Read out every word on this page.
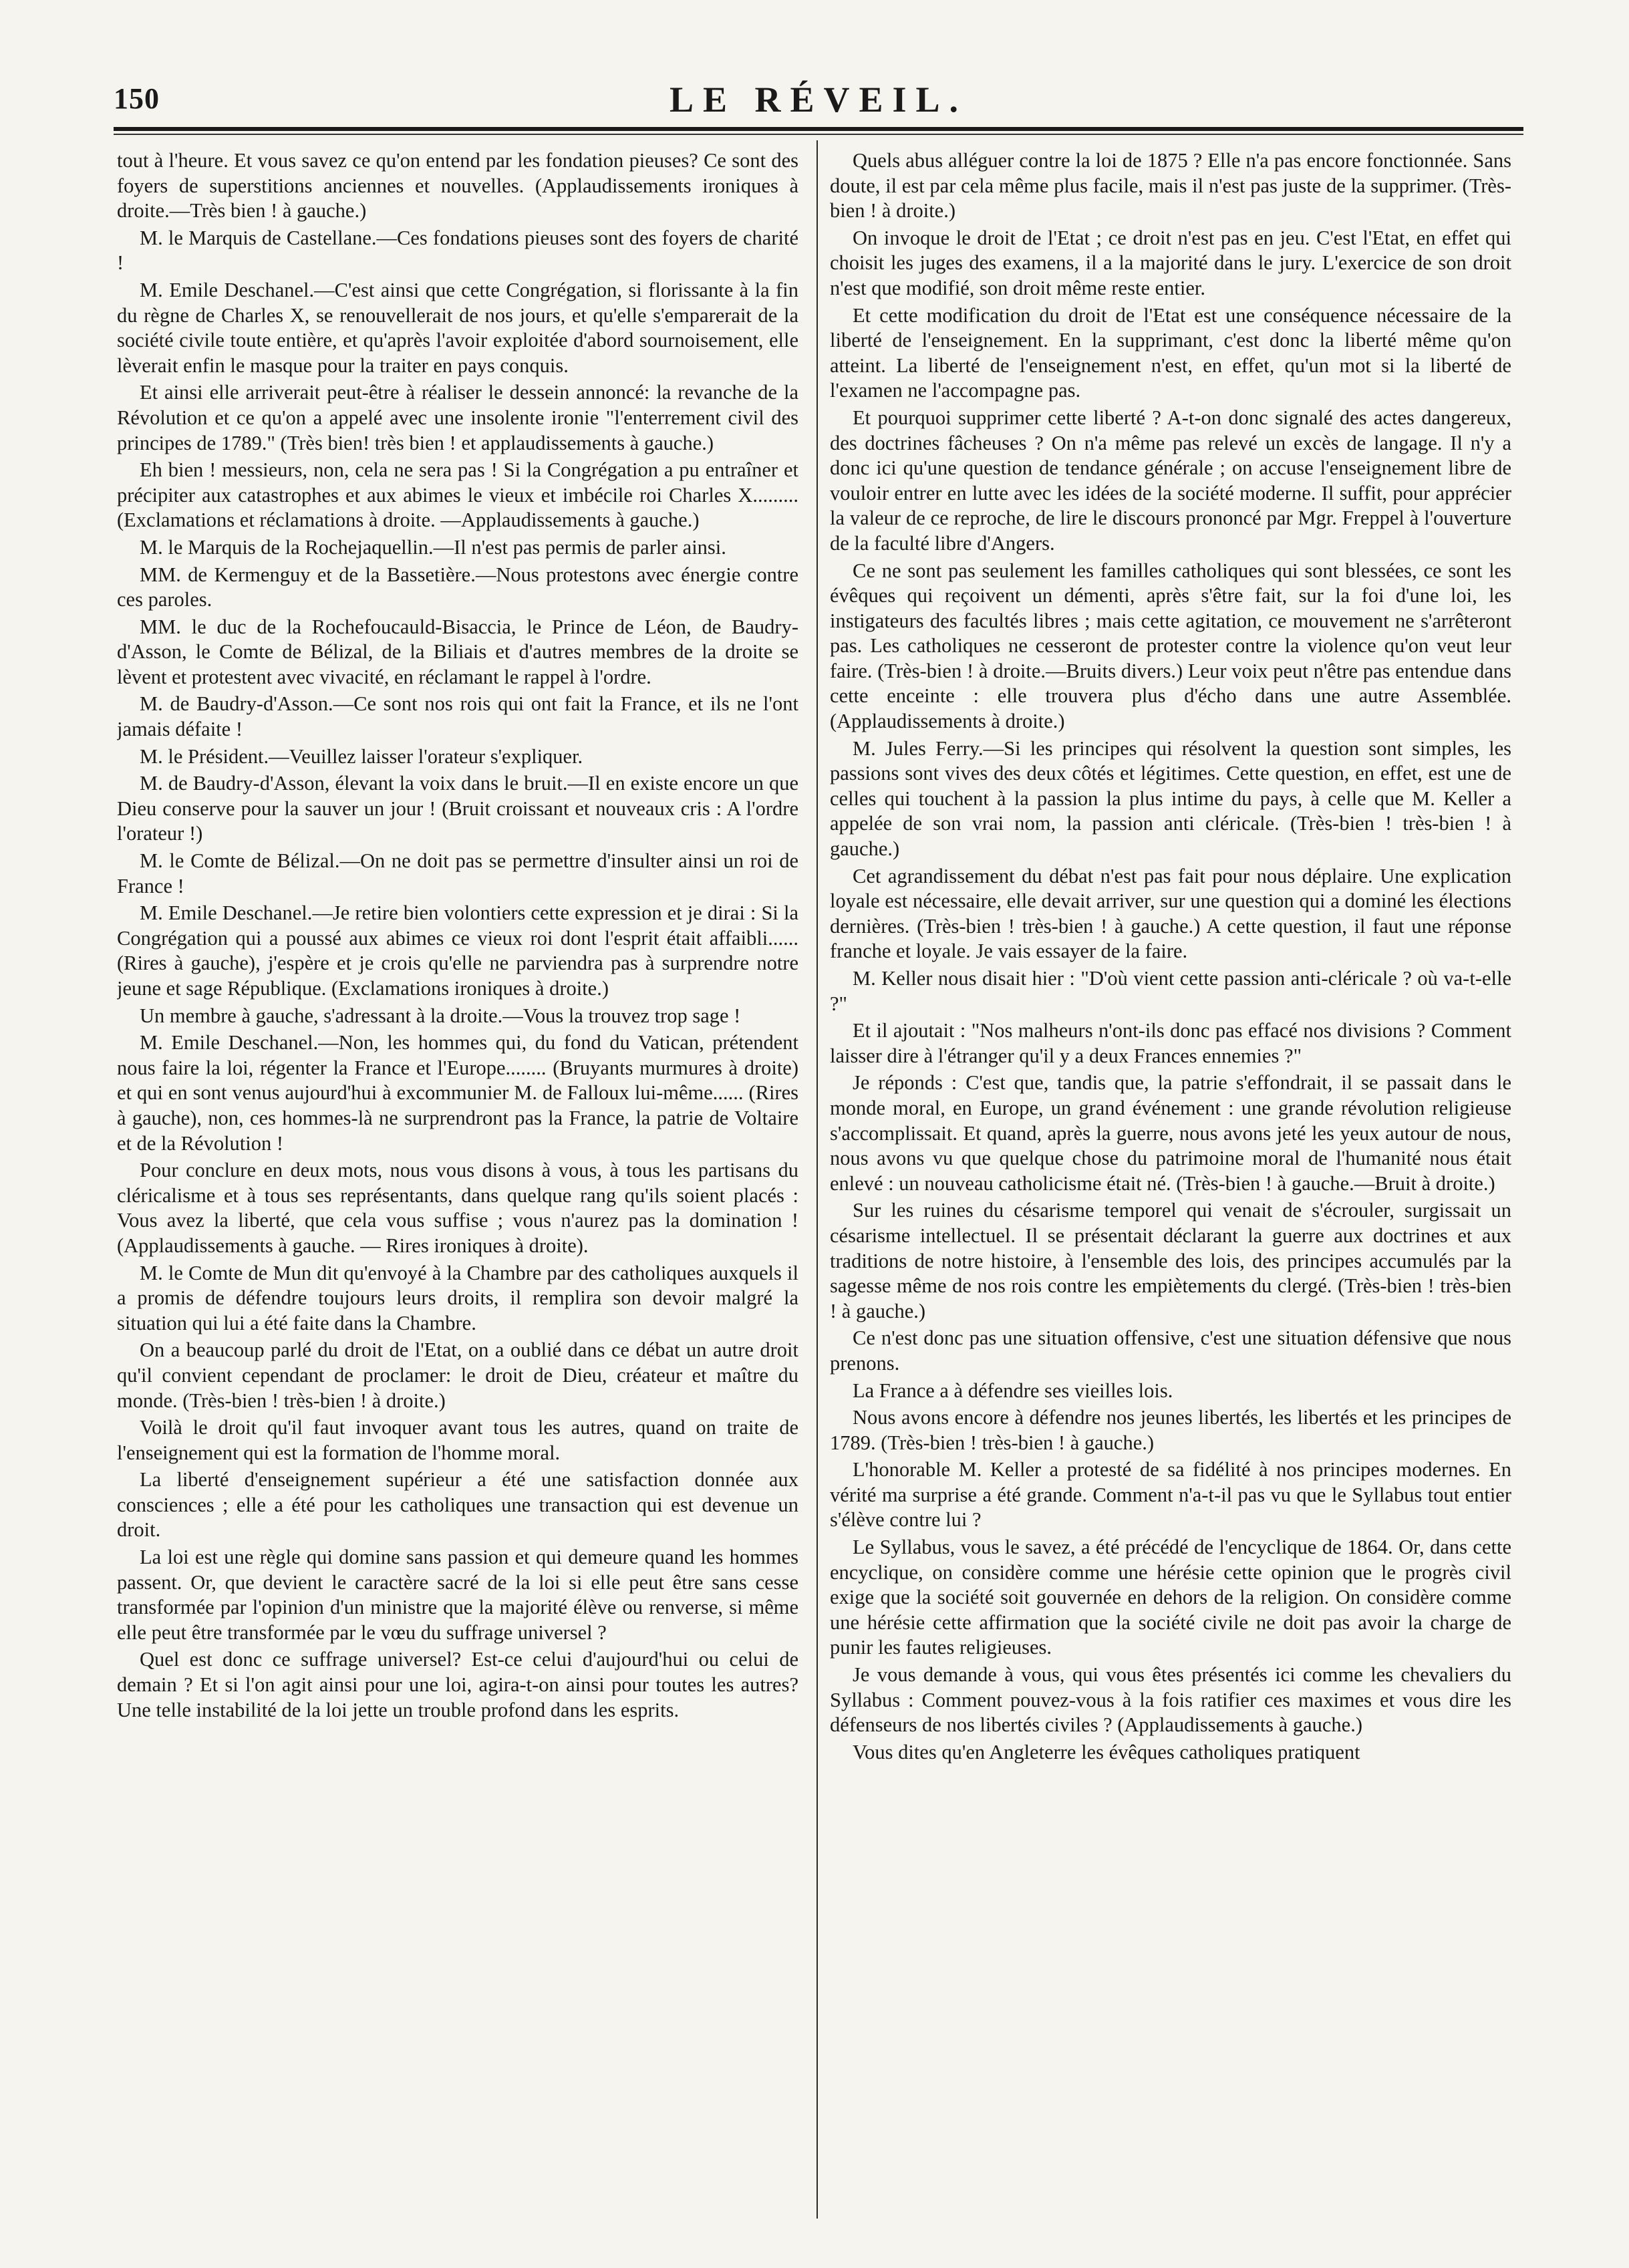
150	LE RÉVEIL.

tout à l'heure. Et vous savez ce qu'on entend par les fondation pieuses? Ce sont des foyers de superstitions anciennes et nouvelles. (Applaudissements ironiques à droite.—Très bien ! à gauche.)

M. le Marquis de Castellane.—Ces fondations pieuses sont des foyers de charité !

M. Emile Deschanel.—C'est ainsi que cette Congrégation, si florissante à la fin du règne de Charles X, se renouvellerait de nos jours, et qu'elle s'emparerait de la société civile toute entière, et qu'après l'avoir exploitée d'abord sournoisement, elle lèverait enfin le masque pour la traiter en pays conquis.

Et ainsi elle arriverait peut-être à réaliser le dessein annoncé: la revanche de la Révolution et ce qu'on a appelé avec une insolente ironie "l'enterrement civil des principes de 1789." (Très bien! très bien ! et applaudissements à gauche.)

Eh bien ! messieurs, non, cela ne sera pas ! Si la Congrégation a pu entraîner et précipiter aux catastrophes et aux abimes le vieux et imbécile roi Charles X......... (Exclamations et réclamations à droite. —Applaudissements à gauche.)

M. le Marquis de la Rochejaquellin.—Il n'est pas permis de parler ainsi.

MM. de Kermenguy et de la Bassetière.—Nous protestons avec énergie contre ces paroles.

MM. le duc de la Rochefoucauld-Bisaccia, le Prince de Léon, de Baudry-d'Asson, le Comte de Bélizal, de la Biliais et d'autres membres de la droite se lèvent et protestent avec vivacité, en réclamant le rappel à l'ordre.

M. de Baudry-d'Asson.—Ce sont nos rois qui ont fait la France, et ils ne l'ont jamais défaite !

M. le Président.—Veuillez laisser l'orateur s'expliquer.

M. de Baudry-d'Asson, élevant la voix dans le bruit.—Il en existe encore un que Dieu conserve pour la sauver un jour ! (Bruit croissant et nouveaux cris : A l'ordre l'orateur !)

M. le Comte de Bélizal.—On ne doit pas se permettre d'insulter ainsi un roi de France !

M. Emile Deschanel.—Je retire bien volontiers cette expression et je dirai : Si la Congrégation qui a poussé aux abimes ce vieux roi dont l'esprit était affaibli...... (Rires à gauche), j'espère et je crois qu'elle ne parviendra pas à surprendre notre jeune et sage République. (Exclamations ironiques à droite.)

Un membre à gauche, s'adressant à la droite.—Vous la trouvez trop sage !

M. Emile Deschanel.—Non, les hommes qui, du fond du Vatican, prétendent nous faire la loi, régenter la France et l'Europe........ (Bruyants murmures à droite) et qui en sont venus aujourd'hui à excommunier M. de Falloux lui-même...... (Rires à gauche), non, ces hommes-là ne surprendront pas la France, la patrie de Voltaire et de la Révolution !

Pour conclure en deux mots, nous vous disons à vous, à tous les partisans du cléricalisme et à tous ses représentants, dans quelque rang qu'ils soient placés : Vous avez la liberté, que cela vous suffise ; vous n'aurez pas la domination ! (Applaudissements à gauche. — Rires ironiques à droite).

M. le Comte de Mun dit qu'envoyé à la Chambre par des catholiques auxquels il a promis de défendre toujours leurs droits, il remplira son devoir malgré la situation qui lui a été faite dans la Chambre.

On a beaucoup parlé du droit de l'Etat, on a oublié dans ce débat un autre droit qu'il convient cependant de proclamer: le droit de Dieu, créateur et maître du monde. (Très-bien ! très-bien ! à droite.)

Voilà le droit qu'il faut invoquer avant tous les autres, quand on traite de l'enseignement qui est la formation de l'homme moral.

La liberté d'enseignement supérieur a été une satisfaction donnée aux consciences ; elle a été pour les catholiques une transaction qui est devenue un droit.

La loi est une règle qui domine sans passion et qui demeure quand les hommes passent. Or, que devient le caractère sacré de la loi si elle peut être sans cesse transformée par l'opinion d'un ministre que la majorité élève ou renverse, si même elle peut être transformée par le vœu du suffrage universel ?

Quel est donc ce suffrage universel? Est-ce celui d'aujourd'hui ou celui de demain ? Et si l'on agit ainsi pour une loi, agira-t-on ainsi pour toutes les autres? Une telle instabilité de la loi jette un trouble profond dans les esprits.

Quels abus alléguer contre la loi de 1875 ? Elle n'a pas encore fonctionnée. Sans doute, il est par cela même plus facile, mais il n'est pas juste de la supprimer. (Très-bien ! à droite.)

On invoque le droit de l'Etat ; ce droit n'est pas en jeu. C'est l'Etat, en effet qui choisit les juges des examens, il a la majorité dans le jury. L'exercice de son droit n'est que modifié, son droit même reste entier.

Et cette modification du droit de l'Etat est une conséquence nécessaire de la liberté de l'enseignement. En la supprimant, c'est donc la liberté même qu'on atteint. La liberté de l'enseignement n'est, en effet, qu'un mot si la liberté de l'examen ne l'accompagne pas.

Et pourquoi supprimer cette liberté ? A-t-on donc signalé des actes dangereux, des doctrines fâcheuses ? On n'a même pas relevé un excès de langage. Il n'y a donc ici qu'une question de tendance générale ; on accuse l'enseignement libre de vouloir entrer en lutte avec les idées de la société moderne. Il suffit, pour apprécier la valeur de ce reproche, de lire le discours prononcé par Mgr. Freppel à l'ouverture de la faculté libre d'Angers.

Ce ne sont pas seulement les familles catholiques qui sont blessées, ce sont les évêques qui reçoivent un démenti, après s'être fait, sur la foi d'une loi, les instigateurs des facultés libres ; mais cette agitation, ce mouvement ne s'arrêteront pas. Les catholiques ne cesseront de protester contre la violence qu'on veut leur faire. (Très-bien ! à droite.—Bruits divers.) Leur voix peut n'être pas entendue dans cette enceinte : elle trouvera plus d'écho dans une autre Assemblée. (Applaudissements à droite.)

M. Jules Ferry.—Si les principes qui résolvent la question sont simples, les passions sont vives des deux côtés et légitimes. Cette question, en effet, est une de celles qui touchent à la passion la plus intime du pays, à celle que M. Keller a appelée de son vrai nom, la passion anti cléricale. (Très-bien ! très-bien ! à gauche.)

Cet agrandissement du débat n'est pas fait pour nous déplaire. Une explication loyale est nécessaire, elle devait arriver, sur une question qui a dominé les élections dernières. (Très-bien ! très-bien ! à gauche.) A cette question, il faut une réponse franche et loyale. Je vais essayer de la faire.

M. Keller nous disait hier : "D'où vient cette passion anti-cléricale ? où va-t-elle ?"

Et il ajoutait : "Nos malheurs n'ont-ils donc pas effacé nos divisions ? Comment laisser dire à l'étranger qu'il y a deux Frances ennemies ?"

Je réponds : C'est que, tandis que, la patrie s'effondrait, il se passait dans le monde moral, en Europe, un grand événement : une grande révolution religieuse s'accomplissait. Et quand, après la guerre, nous avons jeté les yeux autour de nous, nous avons vu que quelque chose du patrimoine moral de l'humanité nous était enlevé : un nouveau catholicisme était né. (Très-bien ! à gauche.—Bruit à droite.)

Sur les ruines du césarisme temporel qui venait de s'écrouler, surgissait un césarisme intellectuel. Il se présentait déclarant la guerre aux doctrines et aux traditions de notre histoire, à l'ensemble des lois, des principes accumulés par la sagesse même de nos rois contre les empiètements du clergé. (Très-bien ! très-bien ! à gauche.)

Ce n'est donc pas une situation offensive, c'est une situation défensive que nous prenons.

La France a à défendre ses vieilles lois.

Nous avons encore à défendre nos jeunes libertés, les libertés et les principes de 1789. (Très-bien ! très-bien ! à gauche.)

L'honorable M. Keller a protesté de sa fidélité à nos principes modernes. En vérité ma surprise a été grande. Comment n'a-t-il pas vu que le Syllabus tout entier s'élève contre lui ?

Le Syllabus, vous le savez, a été précédé de l'encyclique de 1864. Or, dans cette encyclique, on considère comme une hérésie cette opinion que le progrès civil exige que la société soit gouvernée en dehors de la religion. On considère comme une hérésie cette affirmation que la société civile ne doit pas avoir la charge de punir les fautes religieuses.

Je vous demande à vous, qui vous êtes présentés ici comme les chevaliers du Syllabus : Comment pouvez-vous à la fois ratifier ces maximes et vous dire les défenseurs de nos libertés civiles ? (Applaudissements à gauche.)

Vous dites qu'en Angleterre les évêques catholiques pratiquent
